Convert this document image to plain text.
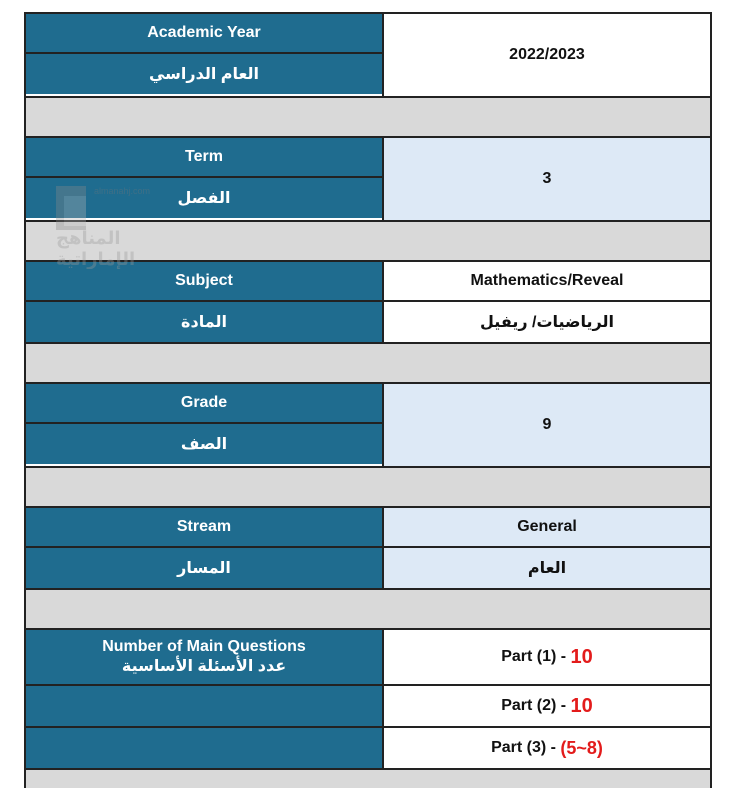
Academic Year
العام الدراسي
2022/2023
Term
الفصل
3
Subject
المادة
Mathematics/Reveal
الرياضيات/ ريفيل
Grade
الصف
9
Stream
المسار
General
العام
Number of Main Questions
عدد الأسئلة الأساسية
Part (1) - 10
Part (2) - 10
Part (3) - (5~8)
almanahj.com
المناهج الإماراتية
